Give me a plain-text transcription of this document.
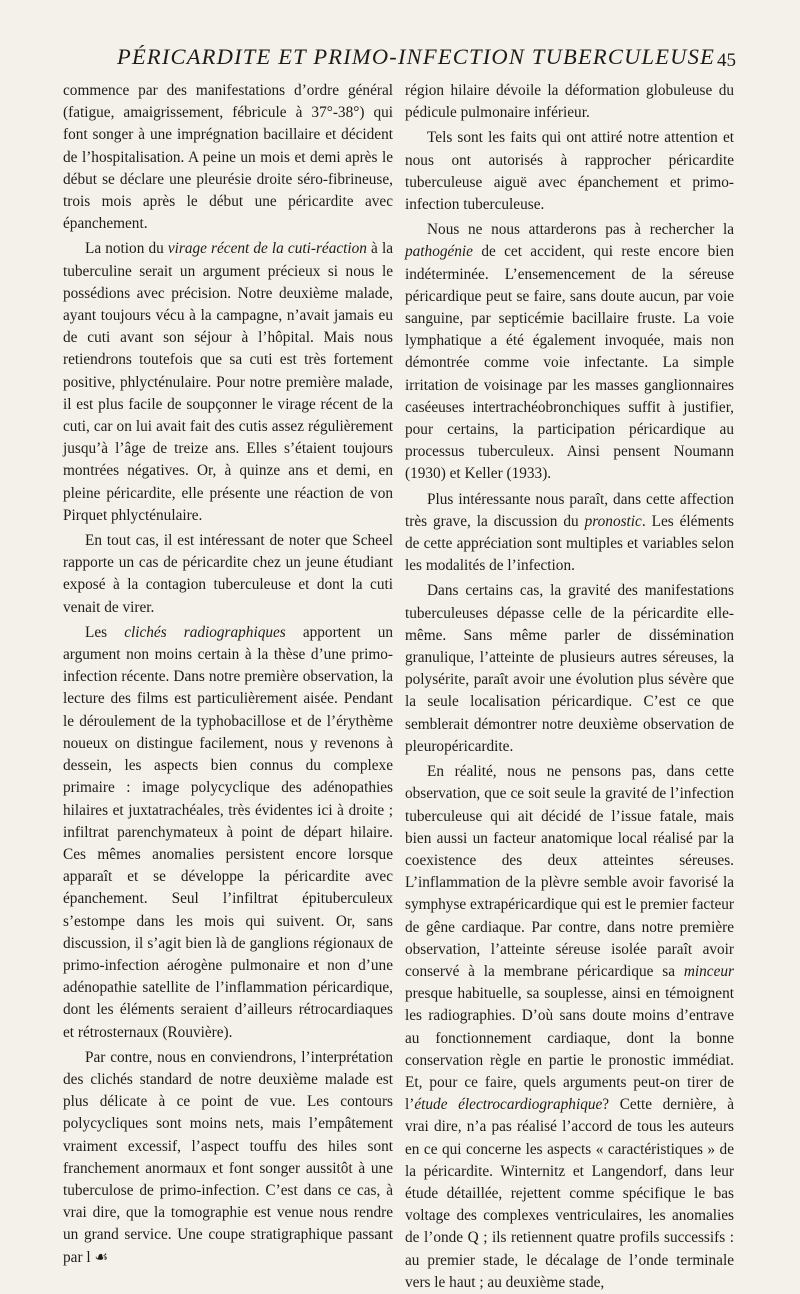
PÉRICARDITE ET PRIMO-INFECTION TUBERCULEUSE 45

commence par des manifestations d’ordre général (fatigue, amaigrissement, fébricule à 37°-38°) qui font songer à une imprégnation bacillaire et décident de l’hospitalisation. A peine un mois et demi après le début se déclare une pleurésie droite séro-fibrineuse, trois mois après le début une péricardite avec épanchement.

La notion du virage récent de la cuti-réaction à la tuberculine serait un argument précieux si nous le possédions avec précision. Notre deuxième malade, ayant toujours vécu à la campagne, n’avait jamais eu de cuti avant son séjour à l’hôpital. Mais nous retiendrons toutefois que sa cuti est très fortement positive, phlycténulaire. Pour notre première malade, il est plus facile de soupçonner le virage récent de la cuti, car on lui avait fait des cutis assez régulièrement jusqu’à l’âge de treize ans. Elles s’étaient toujours montrées négatives. Or, à quinze ans et demi, en pleine péricardite, elle présente une réaction de von Pirquet phlycténulaire.

En tout cas, il est intéressant de noter que Scheel rapporte un cas de péricardite chez un jeune étudiant exposé à la contagion tuberculeuse et dont la cuti venait de virer.

Les clichés radiographiques apportent un argument non moins certain à la thèse d’une primo-infection récente. Dans notre première observation, la lecture des films est particulièrement aisée. Pendant le déroulement de la typhobacillose et de l’érythème noueux on distingue facilement, nous y revenons à dessein, les aspects bien connus du complexe primaire : image polycyclique des adénopathies hilaires et juxtatrachéales, très évidentes ici à droite ; infiltrat parenchymateux à point de départ hilaire. Ces mêmes anomalies persistent encore lorsque apparaît et se développe la péricardite avec épanchement. Seul l’infiltrat épituberculeux s’estompe dans les mois qui suivent. Or, sans discussion, il s’agit bien là de ganglions régionaux de primo-infection aérogène pulmonaire et non d’une adénopathie satellite de l’inflammation péricardique, dont les éléments seraient d’ailleurs rétrocardiaques et rétrosternaux (Rouvière).

Par contre, nous en conviendrons, l’interprétation des clichés standard de notre deuxième malade est plus délicate à ce point de vue. Les contours polycycliques sont moins nets, mais l’empâtement vraiment excessif, l’aspect touffu des hiles sont franchement anormaux et font songer aussitôt à une tuberculose de primo-infection. C’est dans ce cas, à vrai dire, que la tomographie est venue nous rendre un grand service. Une coupe stratigraphique passant par l ☙

région hilaire dévoile la déformation globuleuse du pédicule pulmonaire inférieur.

Tels sont les faits qui ont attiré notre attention et nous ont autorisés à rapprocher péricardite tuberculeuse aiguë avec épanchement et primo-infection tuberculeuse.

Nous ne nous attarderons pas à rechercher la pathogénie de cet accident, qui reste encore bien indéterminée. L’ensemencement de la séreuse péricardique peut se faire, sans doute aucun, par voie sanguine, par septicémie bacillaire fruste. La voie lymphatique a été également invoquée, mais non démontrée comme voie infectante. La simple irritation de voisinage par les masses ganglionnaires caséeuses intertrachéobronchiques suffit à justifier, pour certains, la participation péricardique au processus tuberculeux. Ainsi pensent Noumann (1930) et Keller (1933).

Plus intéressante nous paraît, dans cette affection très grave, la discussion du pronostic. Les éléments de cette appréciation sont multiples et variables selon les modalités de l’infection.

Dans certains cas, la gravité des manifestations tuberculeuses dépasse celle de la péricardite elle-même. Sans même parler de dissémination granulique, l’atteinte de plusieurs autres séreuses, la polysérite, paraît avoir une évolution plus sévère que la seule localisation péricardique. C’est ce que semblerait démontrer notre deuxième observation de pleuropéricardite.

En réalité, nous ne pensons pas, dans cette observation, que ce soit seule la gravité de l’infection tuberculeuse qui ait décidé de l’issue fatale, mais bien aussi un facteur anatomique local réalisé par la coexistence des deux atteintes séreuses. L’inflammation de la plèvre semble avoir favorisé la symphyse extrapéricardique qui est le premier facteur de gêne cardiaque. Par contre, dans notre première observation, l’atteinte séreuse isolée paraît avoir conservé à la membrane péricardique sa minceur presque habituelle, sa souplesse, ainsi en témoignent les radiographies. D’où sans doute moins d’entrave au fonctionnement cardiaque, dont la bonne conservation règle en partie le pronostic immédiat. Et, pour ce faire, quels arguments peut-on tirer de l’étude électrocardiographique? Cette dernière, à vrai dire, n’a pas réalisé l’accord de tous les auteurs en ce qui concerne les aspects « caractéristiques » de la péricardite. Winternitz et Langendorf, dans leur étude détaillée, rejettent comme spécifique le bas voltage des complexes ventriculaires, les anomalies de l’onde Q ; ils retiennent quatre profils successifs : au premier stade, le décalage de l’onde terminale vers le haut ; au deuxième stade,
